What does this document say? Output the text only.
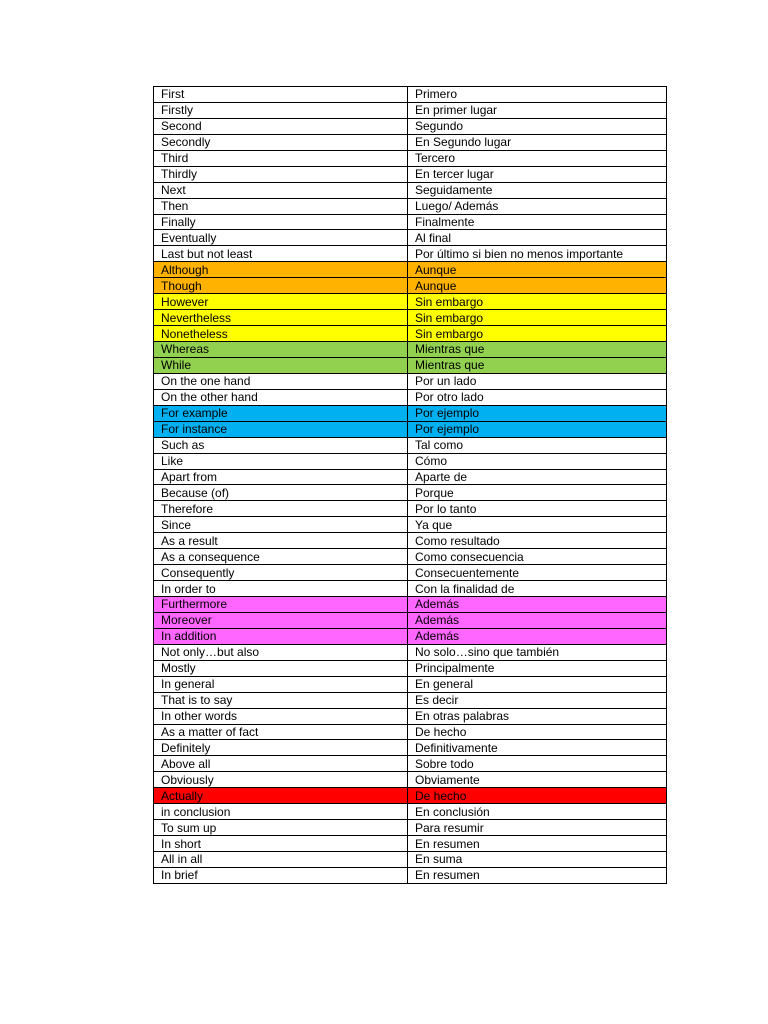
First	Primero
Firstly	En primer lugar
Second	Segundo
Secondly	En Segundo lugar
Third	Tercero
Thirdly	En tercer lugar
Next	Seguidamente
Then	Luego/ Además
Finally	Finalmente
Eventually	Al final
Last but not least	Por último si bien no menos importante
Although	Aunque
Though	Aunque
However	Sin embargo
Nevertheless	Sin embargo
Nonetheless	Sin embargo
Whereas	Mientras que
While	Mientras que
On the one hand	Por un lado
On the other hand	Por otro lado
For example	Por ejemplo
For instance	Por ejemplo
Such as	Tal como
Like	Cómo
Apart from	Aparte de
Because (of)	Porque
Therefore	Por lo tanto
Since	Ya que
As a result	Como resultado
As a consequence	Como consecuencia
Consequently	Consecuentemente
In order to	Con la finalidad de
Furthermore	Además
Moreover	Además
In addition	Además
Not only…but also	No solo…sino que también
Mostly	Principalmente
In general	En general
That is to say	Es decir
In other words	En otras palabras
As a matter of fact	De hecho
Definitely	Definitivamente
Above all	Sobre todo
Obviously	Obviamente
Actually	De hecho
in conclusion	En conclusión
To sum up	Para resumir
In short	En resumen
All in all	En suma
In brief	En resumen
